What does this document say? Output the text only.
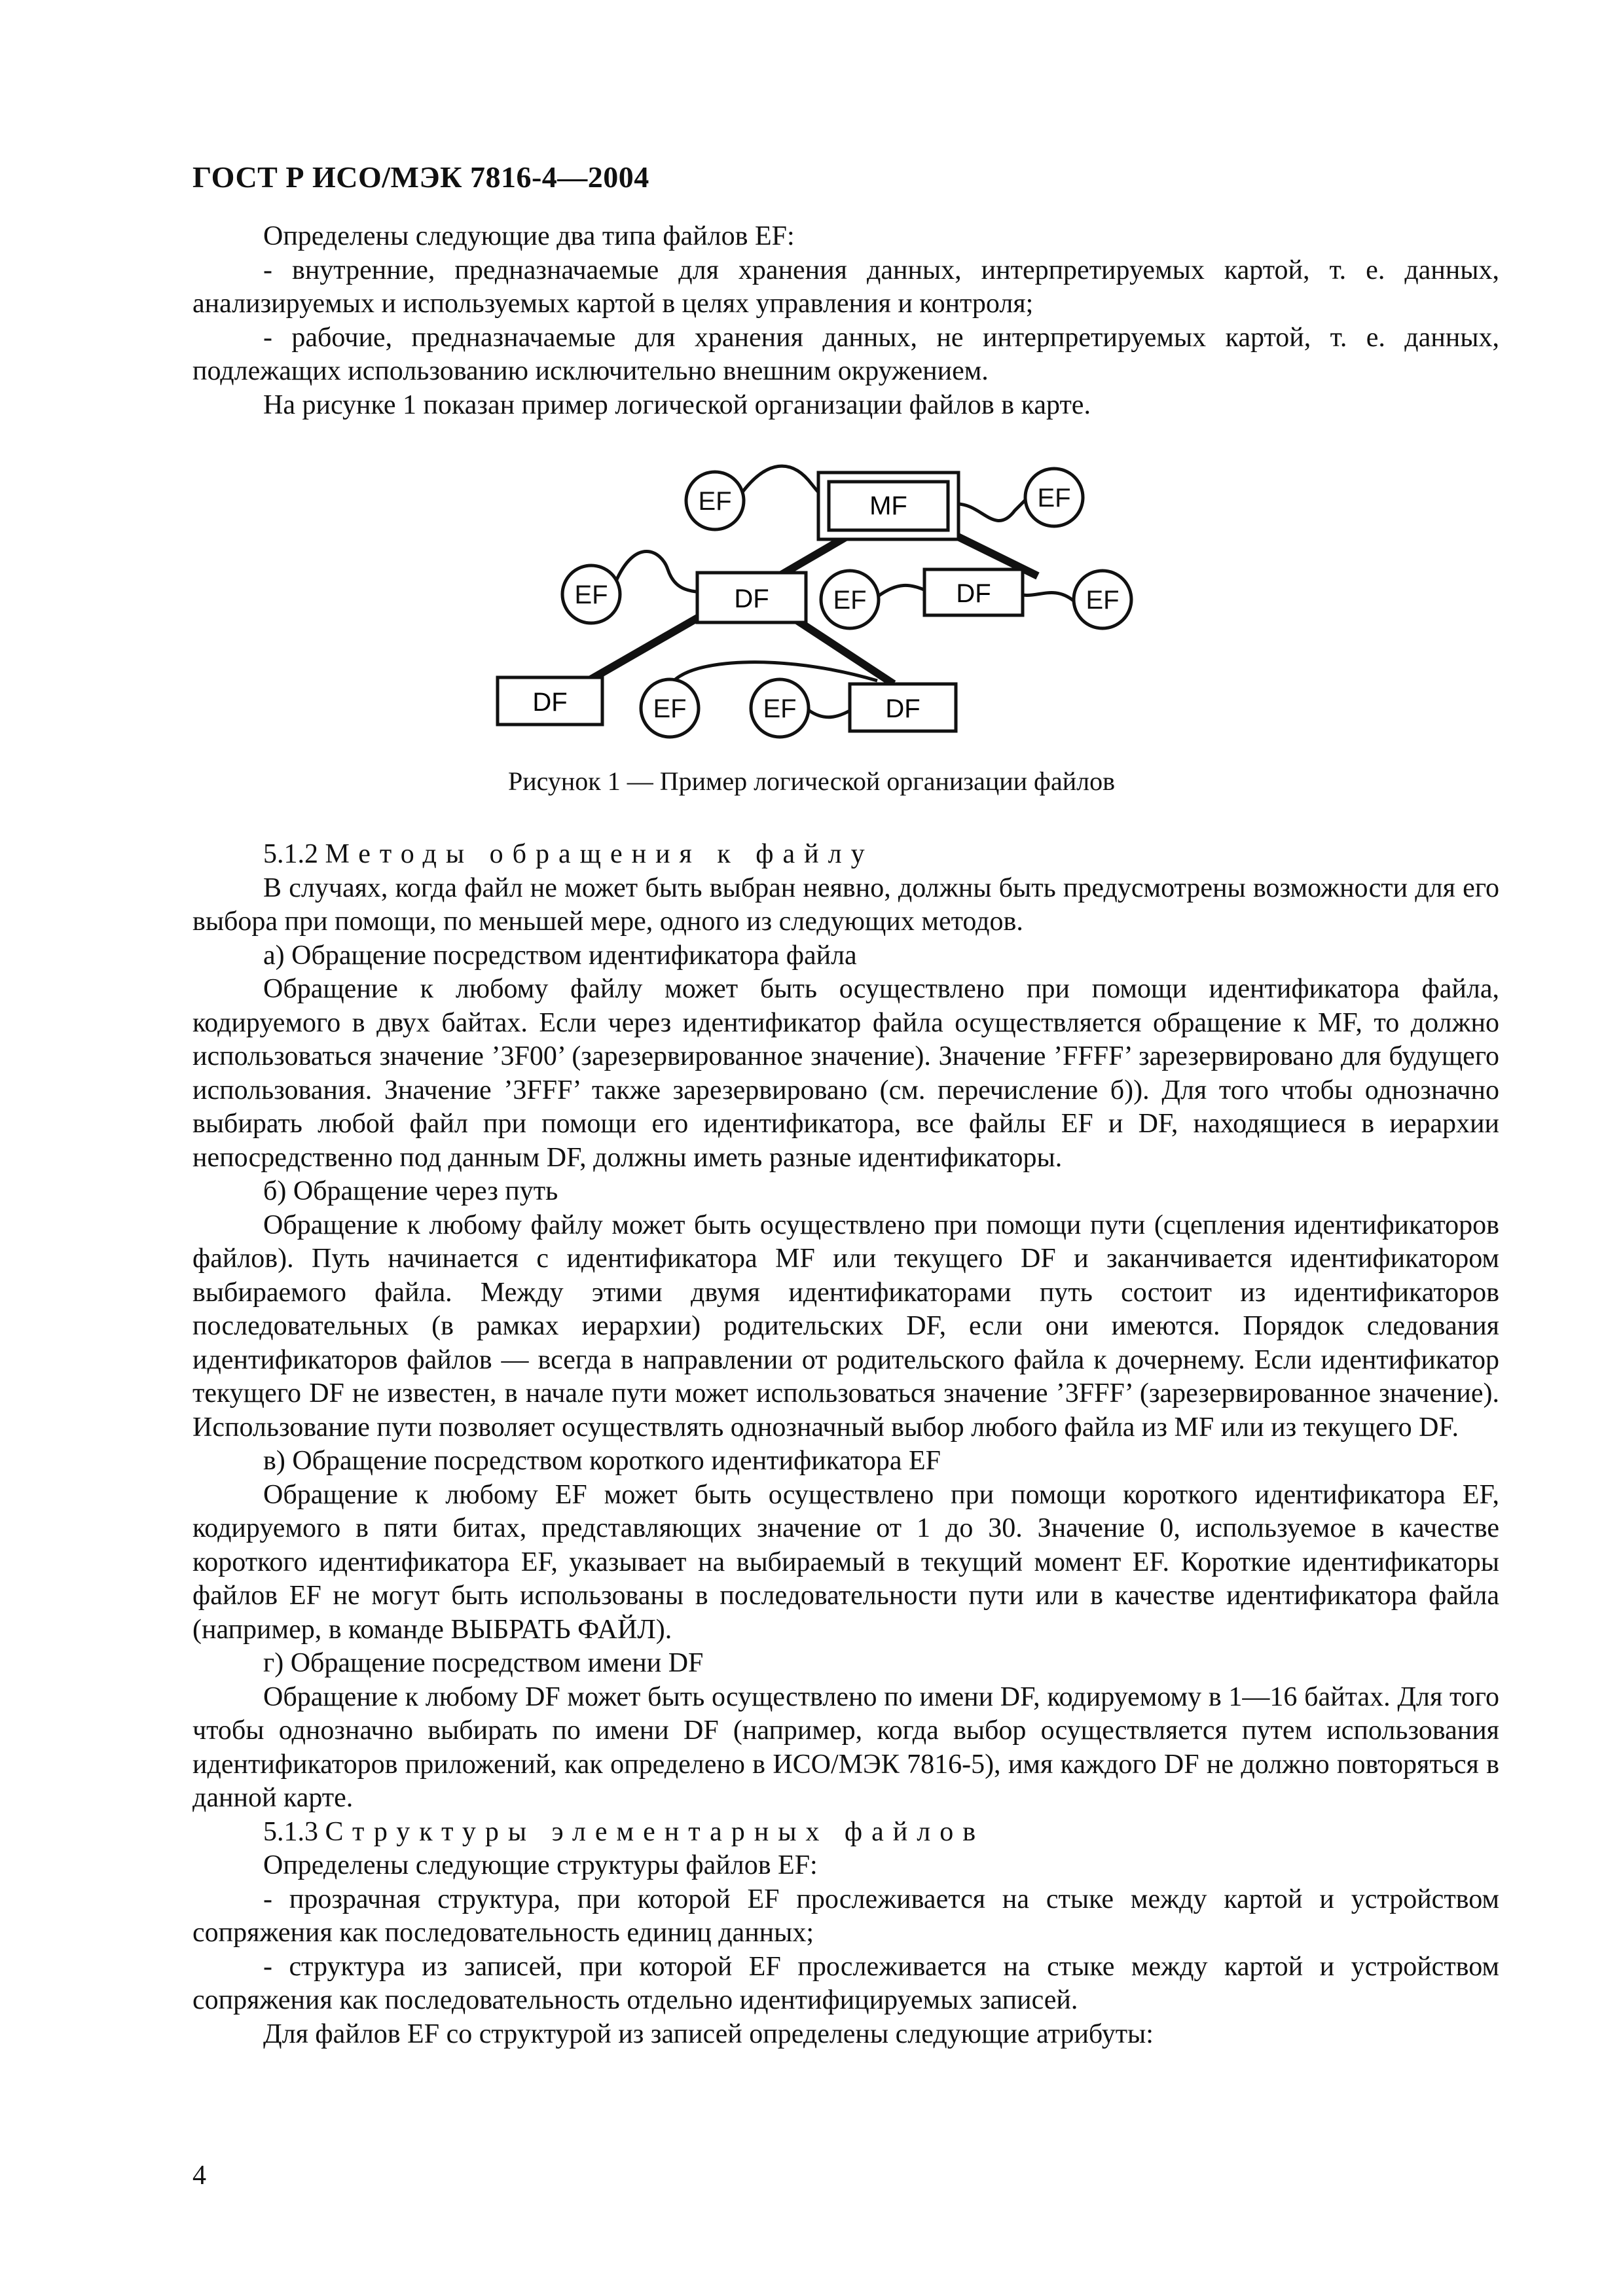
ГОСТ Р ИСО/МЭК 7816-4—2004

Определены следующие два типа файлов EF:

- внутренние, предназначаемые для хранения данных, интерпретируемых картой, т. е. данных, анализируемых и используемых картой в целях управления и контроля;

- рабочие, предназначаемые для хранения данных, не интерпретируемых картой, т. е. данных, подлежащих использованию исключительно внешним окружением.

На рисунке 1 показан пример логической организации файлов в карте.

MF
DF	DF
DF	DF
EF	EF
EF	EF	EF
EF	EF
Рисунок 1 — Пример логической организации файлов

5.1.2 Методы обращения к файлу

В случаях, когда файл не может быть выбран неявно, должны быть предусмотрены возможности для его выбора при помощи, по меньшей мере, одного из следующих методов.

а) Обращение посредством идентификатора файла

Обращение к любому файлу может быть осуществлено при помощи идентификатора файла, кодируемого в двух байтах. Если через идентификатор файла осуществляется обращение к MF, то должно использоваться значение ’3F00’ (зарезервированное значение). Значение ’FFFF’ зарезервировано для будущего использования. Значение ’3FFF’ также зарезервировано (см. перечисление б)). Для того чтобы однозначно выбирать любой файл при помощи его идентификатора, все файлы EF и DF, находящиеся в иерархии непосредственно под данным DF, должны иметь разные идентификаторы.

б) Обращение через путь

Обращение к любому файлу может быть осуществлено при помощи пути (сцепления идентификаторов файлов). Путь начинается с идентификатора MF или текущего DF и заканчивается идентификатором выбираемого файла. Между этими двумя идентификаторами путь состоит из идентификаторов последовательных (в рамках иерархии) родительских DF, если они имеются. Порядок следования идентификаторов файлов — всегда в направлении от родительского файла к дочернему. Если идентификатор текущего DF не известен, в начале пути может использоваться значение ’3FFF’ (зарезервированное значение). Использование пути позволяет осуществлять однозначный выбор любого файла из MF или из текущего DF.

в) Обращение посредством короткого идентификатора EF

Обращение к любому EF может быть осуществлено при помощи короткого идентификатора EF, кодируемого в пяти битах, представляющих значение от 1 до 30. Значение 0, используемое в качестве короткого идентификатора EF, указывает на выбираемый в текущий момент EF. Короткие идентификаторы файлов EF не могут быть использованы в последовательности пути или в качестве идентификатора файла (например, в команде ВЫБРАТЬ ФАЙЛ).

г) Обращение посредством имени DF

Обращение к любому DF может быть осуществлено по имени DF, кодируемому в 1—16 байтах. Для того чтобы однозначно выбирать по имени DF (например, когда выбор осуществляется путем использования идентификаторов приложений, как определено в ИСО/МЭК 7816-5), имя каждого DF не должно повторяться в данной карте.

5.1.3 Структуры элементарных файлов

Определены следующие структуры файлов EF:

- прозрачная структура, при которой EF прослеживается на стыке между картой и устройством сопряжения как последовательность единиц данных;

- структура из записей, при которой EF прослеживается на стыке между картой и устройством сопряжения как последовательность отдельно идентифицируемых записей.

Для файлов EF со структурой из записей определены следующие атрибуты:

4
